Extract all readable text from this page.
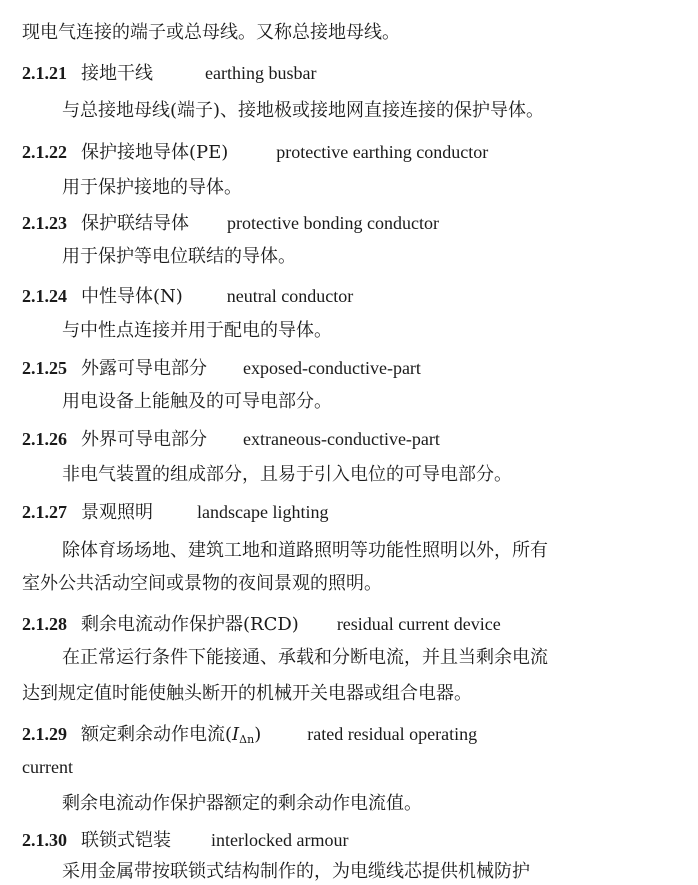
现电气连接的端子或总母线。又称总接地母线。
2.1.21 接地干线	earthing busbar
与总接地母线(端子)、接地极或接地网直接连接的保护导体。
2.1.22 保护接地导体(PE)	protective earthing conductor
用于保护接地的导体。
2.1.23 保护联结导体 protective bonding conductor
用于保护等电位联结的导体。
2.1.24 中性导体(N) neutral conductor
与中性点连接并用于配电的导体。
2.1.25 外露可导电部分 exposed-conductive-part
用电设备上能触及的可导电部分。
2.1.26 外界可导电部分 extraneous-conductive-part
非电气装置的组成部分，且易于引入电位的可导电部分。
2.1.27 景观照明 landscape lighting
除体育场场地、建筑工地和道路照明等功能性照明以外，所有
室外公共活动空间或景物的夜间景观的照明。
2.1.28 剩余电流动作保护器(RCD) residual current device
在正常运行条件下能接通、承载和分断电流，并且当剩余电流
达到规定值时能使触头断开的机械开关电器或组合电器。
2.1.29 额定剩余动作电流$(I_{\Delta n})$	rated residual operating
current
剩余电流动作保护器额定的剩余动作电流值。
2.1.30 联锁式铠装 interlocked armour
采用金属带按联锁式结构制作的，为电缆线芯提供机械防护
